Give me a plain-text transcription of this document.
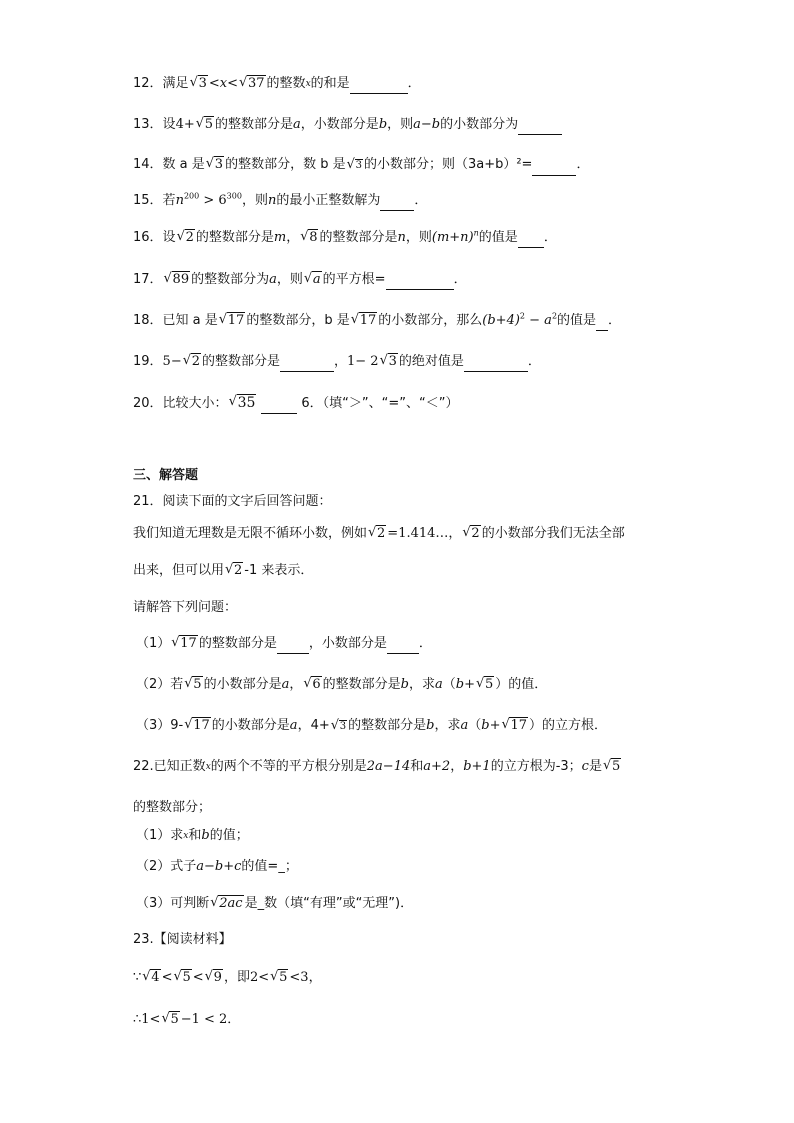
12．满足 √ 3 <x< √ 37 的整数$^x$的和是	．
13．设4+ √ 5 的整数部分是a，小数部分是b，则a−b的小数部分为
14．数 a 是 √ 3 的整数部分，数 b 是 √ 3 的小数部分；则（3a+b）²=	．
15．若$n^{200} > 6^{300}$，则n的最小正整数解为	．
16．设 √ 2 的整数部分是m， √ 8 的整数部分是n，则$(m+n)^n$的值是 ．
17． √ 89 的整数部分为a，则 √ a 的平方根=	．
18．已知 a 是 √ 17 的整数部分，b 是 √ 17 的小数部分，那么$(b+4)^2 - a^2$的值是 ．
19．5− √ 2 的整数部分是	，1− 2 √ 3 的绝对值是	．
20．比较大小： √ 35	6．（填“＞”、“=”、“＜”）
三、解答题
21．阅读下面的文字后回答问题：
我们知道无理数是无限不循环小数，例如 √ 2 =1.414…， √ 2 的小数部分我们无法全部
出来，但可以用 √ 2 -1 来表示．
请解答下列问题：
（1） √ 17 的整数部分是 ，小数部分是 ．
（2）若 √ 5 的小数部分是a， √ 6 的整数部分是b，求a（b+ √ 5 ）的值．
（3）9- √ 17 的小数部分是a，4+ √ 3 的整数部分是b，求a（b+ √ 17 ）的立方根．
22.已知正数$^x$的两个不等的平方根分别是2a−14和a+2，b+1的立方根为-3；c是 √ 5
的整数部分；
（1）求$^x$和b的值；
（2）式子a−b+c的值=_；
（3）可判断 √ 2ac 是_数（填“有理”或“无理”)．
23.【阅读材料】
∵ √ 4 < √ 5 < √ 9 ，即2< √ 5 <3，
∴1< √ 5 −1 < 2．
